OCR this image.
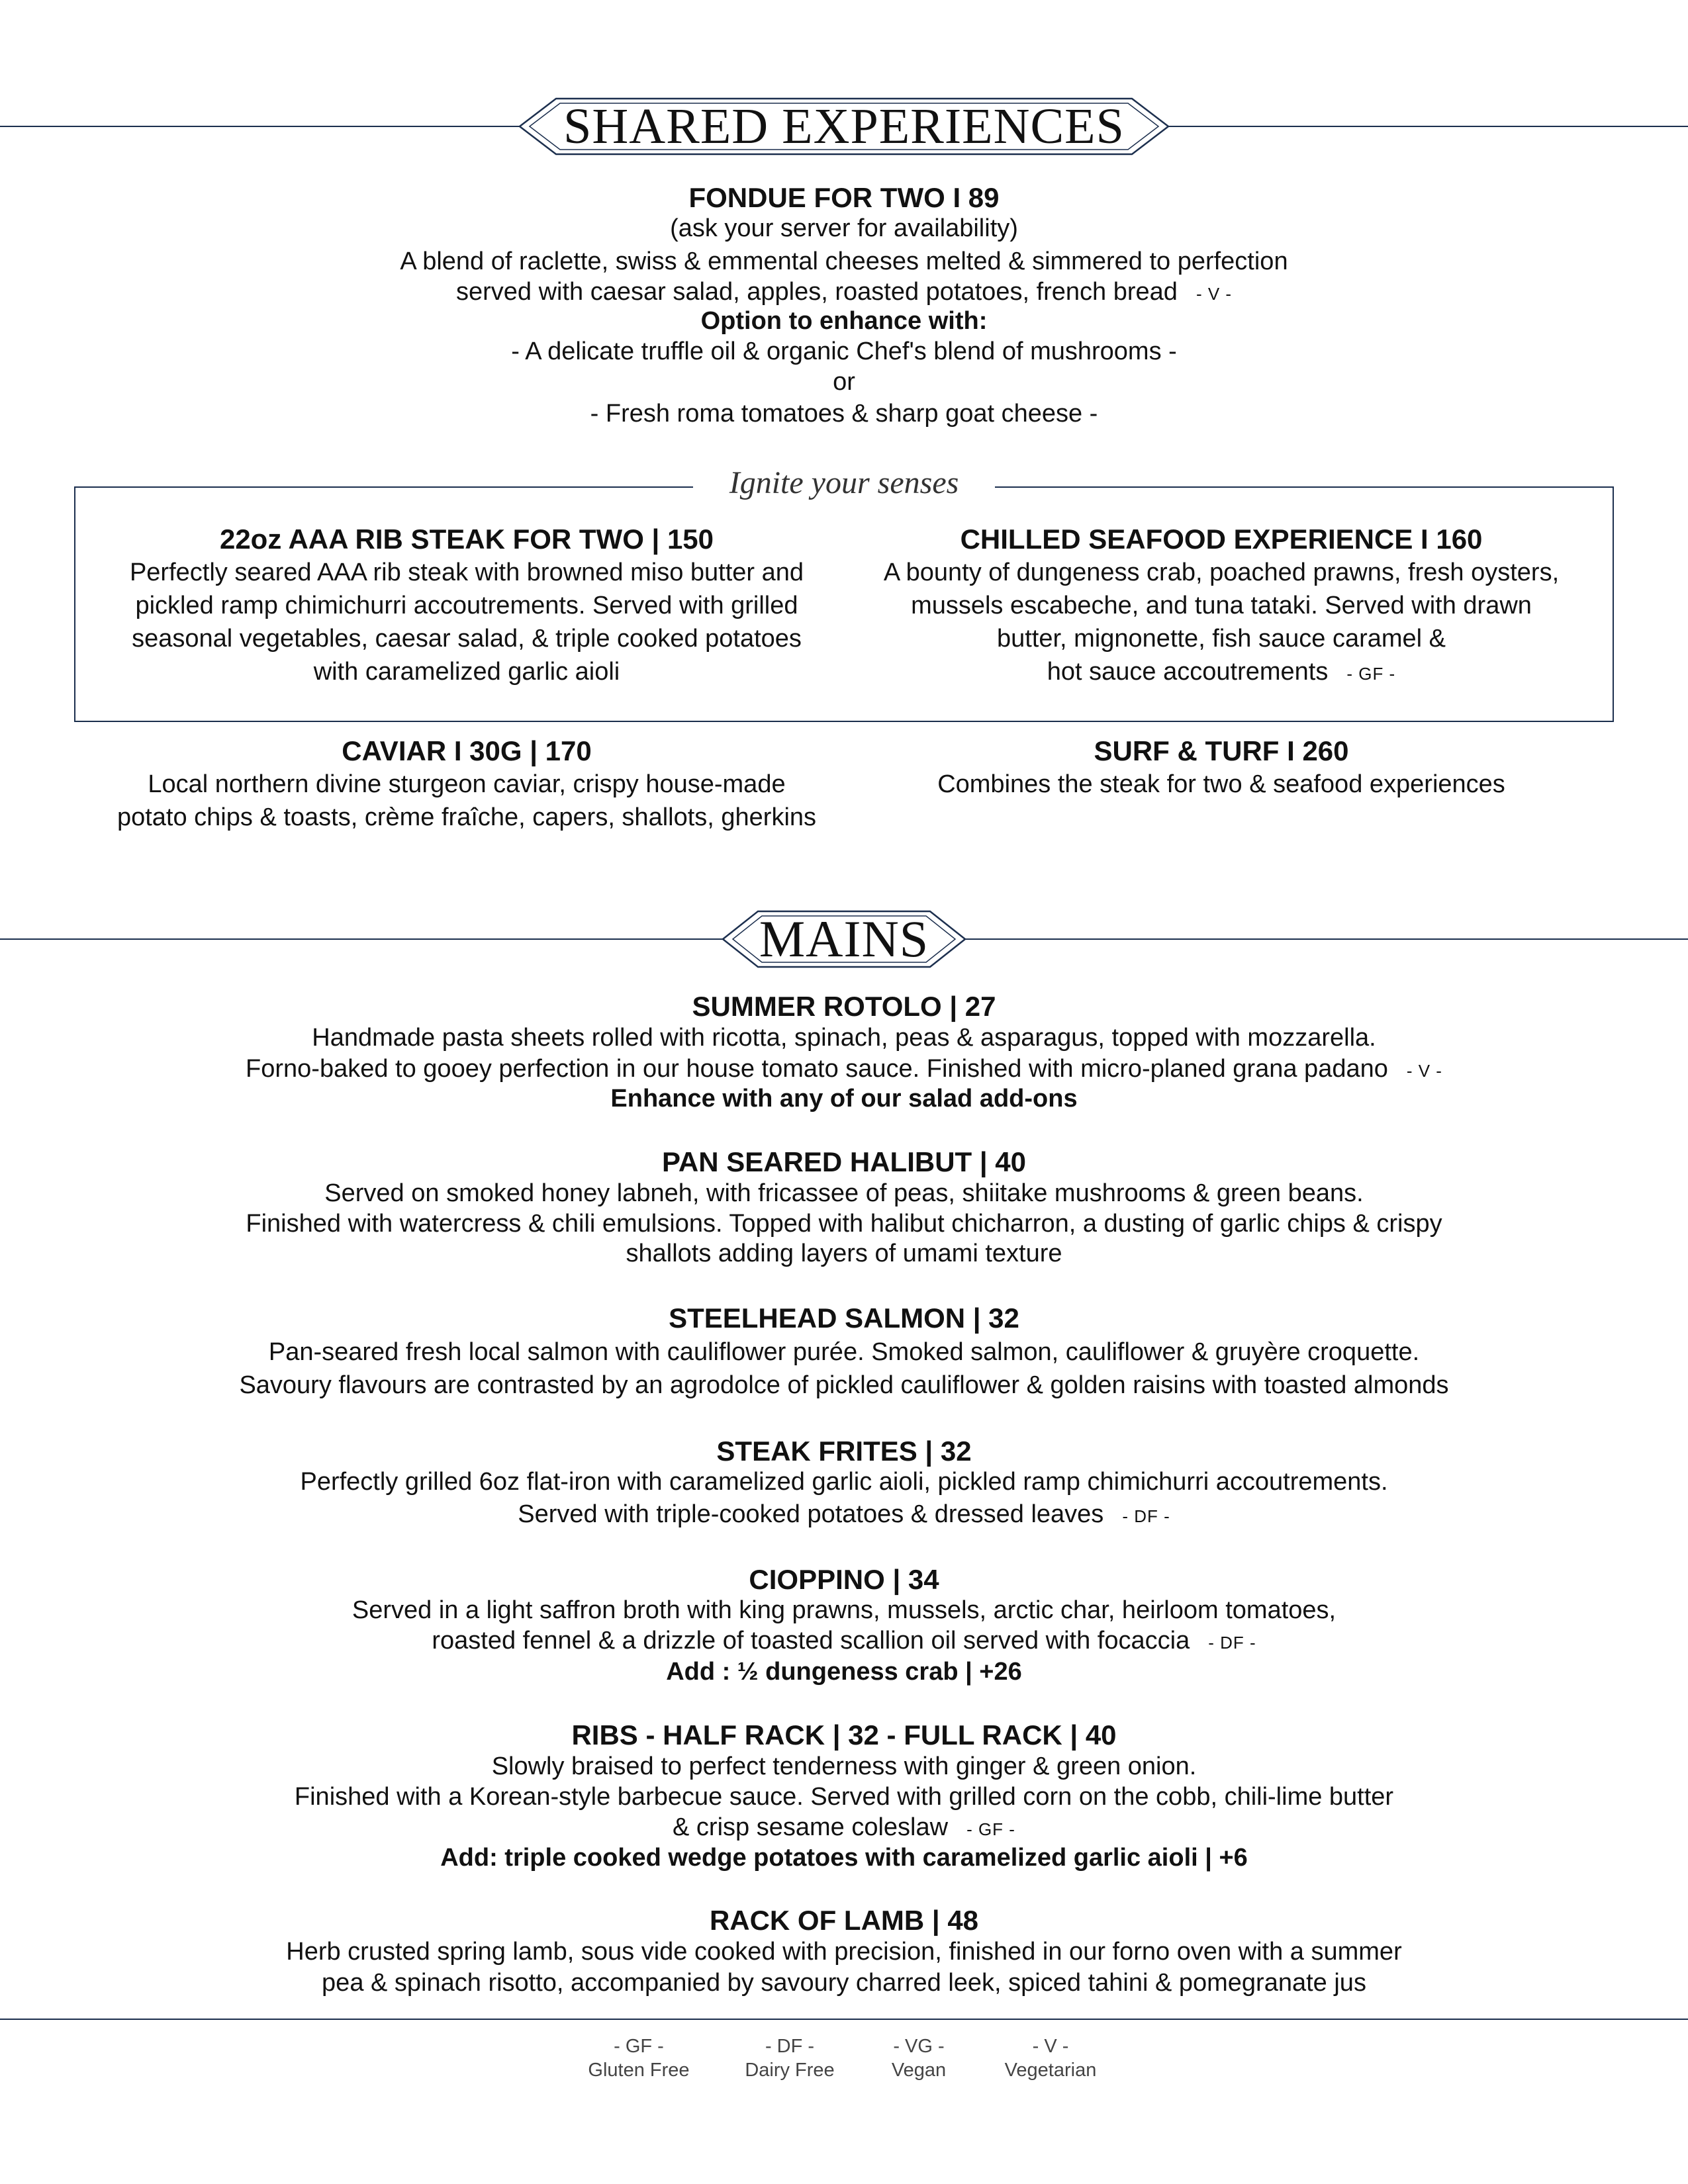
SHARED EXPERIENCES
FONDUE FOR TWO I 89
(ask your server for availability)
A blend of raclette, swiss & emmental cheeses melted & simmered to perfection
served with caesar salad, apples, roasted potatoes, french bread - V -
Option to enhance with:
- A delicate truffle oil & organic Chef's blend of mushrooms -
or
- Fresh roma tomatoes & sharp goat cheese -
Ignite your senses
22oz AAA RIB STEAK FOR TWO | 150
Perfectly seared AAA rib steak with browned miso butter and
pickled ramp chimichurri accoutrements. Served with grilled
seasonal vegetables, caesar salad, & triple cooked potatoes
with caramelized garlic aioli
CHILLED SEAFOOD EXPERIENCE I 160
A bounty of dungeness crab, poached prawns, fresh oysters,
mussels escabeche, and tuna tataki. Served with drawn
butter, mignonette, fish sauce caramel &
hot sauce accoutrements - GF -
CAVIAR I 30G | 170
Local northern divine sturgeon caviar, crispy house-made
potato chips & toasts, crème fraîche, capers, shallots, gherkins
SURF & TURF I 260
Combines the steak for two & seafood experiences
MAINS
SUMMER ROTOLO | 27
Handmade pasta sheets rolled with ricotta, spinach, peas & asparagus, topped with mozzarella.
Forno-baked to gooey perfection in our house tomato sauce. Finished with micro-planed grana padano - V -
Enhance with any of our salad add-ons
PAN SEARED HALIBUT | 40
Served on smoked honey labneh, with fricassee of peas, shiitake mushrooms & green beans.
Finished with watercress & chili emulsions. Topped with halibut chicharron, a dusting of garlic chips & crispy
shallots adding layers of umami texture
STEELHEAD SALMON | 32
Pan-seared fresh local salmon with cauliflower purée. Smoked salmon, cauliflower & gruyère croquette.
Savoury flavours are contrasted by an agrodolce of pickled cauliflower & golden raisins with toasted almonds
STEAK FRITES | 32
Perfectly grilled 6oz flat-iron with caramelized garlic aioli, pickled ramp chimichurri accoutrements.
Served with triple-cooked potatoes & dressed leaves - DF -
CIOPPINO | 34
Served in a light saffron broth with king prawns, mussels, arctic char, heirloom tomatoes,
roasted fennel & a drizzle of toasted scallion oil served with focaccia - DF -
Add : ½ dungeness crab | +26
RIBS - HALF RACK | 32 - FULL RACK | 40
Slowly braised to perfect tenderness with ginger & green onion.
Finished with a Korean-style barbecue sauce. Served with grilled corn on the cobb, chili-lime butter
& crisp sesame coleslaw - GF -
Add: triple cooked wedge potatoes with caramelized garlic aioli | +6
RACK OF LAMB | 48
Herb crusted spring lamb, sous vide cooked with precision, finished in our forno oven with a summer
pea & spinach risotto, accompanied by savoury charred leek, spiced tahini & pomegranate jus
- GF -
Gluten Free
- DF -
Dairy Free
- VG -
Vegan
- V -
Vegetarian
